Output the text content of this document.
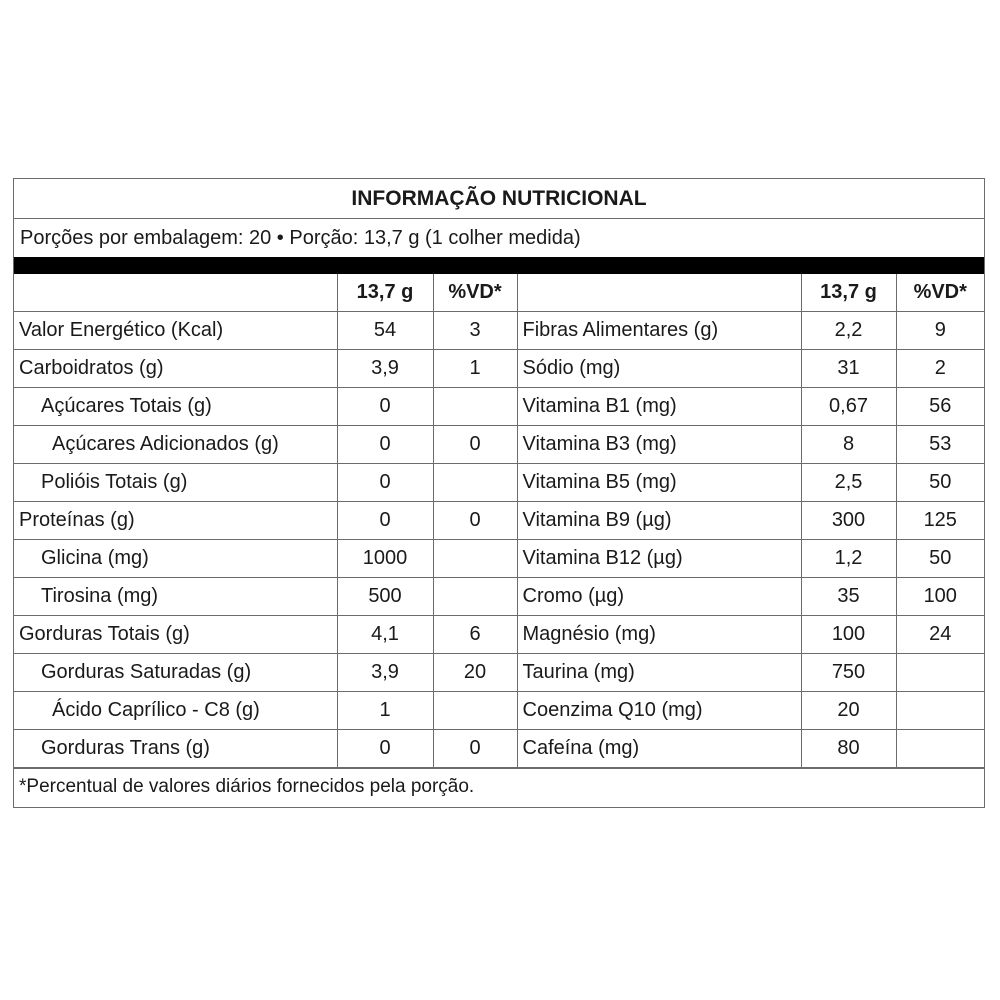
INFORMAÇÃO NUTRICIONAL
Porções por embalagem: 20 • Porção: 13,7 g (1 colher medida)
	13,7 g	%VD*		13,7 g	%VD*
Valor Energético (Kcal)	54	3	Fibras Alimentares (g)	2,2	9
Carboidratos (g)	3,9	1	Sódio (mg)	31	2
Açúcares Totais (g)	0		Vitamina B1 (mg)	0,67	56
Açúcares Adicionados (g)	0	0	Vitamina B3 (mg)	8	53
Polióis Totais (g)	0		Vitamina B5 (mg)	2,5	50
Proteínas (g)	0	0	Vitamina B9 (µg)	300	125
Glicina (mg)	1000		Vitamina B12 (µg)	1,2	50
Tirosina (mg)	500		Cromo (µg)	35	100
Gorduras Totais (g)	4,1	6	Magnésio (mg)	100	24
Gorduras Saturadas (g)	3,9	20	Taurina (mg)	750	
Ácido Caprílico - C8 (g)	1		Coenzima Q10 (mg)	20	
Gorduras Trans (g)	0	0	Cafeína (mg)	80	
*Percentual de valores diários fornecidos pela porção.
